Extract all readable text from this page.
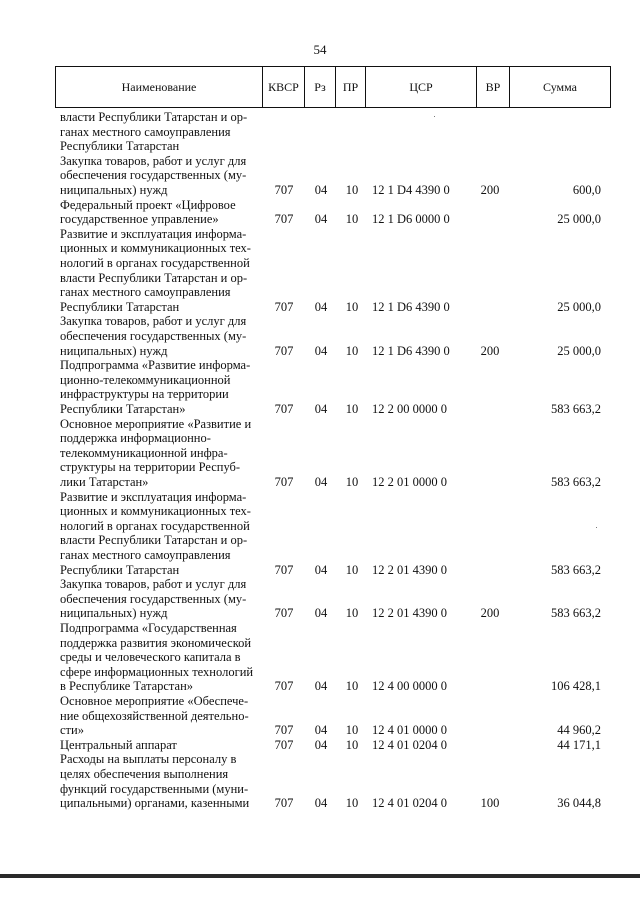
54
Наименование	КВСР	Рз	ПР	ЦСР	ВР	Сумма
власти Республики Татарстан и ор-
ганах местного самоуправления
Республики Татарстан
Закупка товаров, работ и услуг для
обеспечения государственных (му-
ниципальных) нужд	707	04	10	12 1 D4 4390 0	200	600,0
Федеральный проект «Цифровое
государственное управление»	707	04	10	12 1 D6 0000 0	25 000,0
Развитие и эксплуатация информа-
ционных и коммуникационных тех-
нологий в органах государственной
власти Республики Татарстан и ор-
ганах местного самоуправления
Республики Татарстан	707	04	10	12 1 D6 4390 0	25 000,0
Закупка товаров, работ и услуг для
обеспечения государственных (му-
ниципальных) нужд	707	04	10	12 1 D6 4390 0	200	25 000,0
Подпрограмма «Развитие информа-
ционно-телекоммуникационной
инфраструктуры на территории
Республики Татарстан»	707	04	10	12 2 00 0000 0	583 663,2
Основное мероприятие «Развитие и
поддержка информационно-
телекоммуникационной инфра-
структуры на территории Респуб-
лики Татарстан»	707	04	10	12 2 01 0000 0	583 663,2
Развитие и эксплуатация информа-
ционных и коммуникационных тех-
нологий в органах государственной
власти Республики Татарстан и ор-
ганах местного самоуправления
Республики Татарстан	707	04	10	12 2 01 4390 0	583 663,2
Закупка товаров, работ и услуг для
обеспечения государственных (му-
ниципальных) нужд	707	04	10	12 2 01 4390 0	200	583 663,2
Подпрограмма «Государственная
поддержка развития экономической
среды и человеческого капитала в
сфере информационных технологий
в Республике Татарстан»	707	04	10	12 4 00 0000 0	106 428,1
Основное мероприятие «Обеспече-
ние общехозяйственной деятельно-
сти»	707	04	10	12 4 01 0000 0	44 960,2
Центральный аппарат	707	04	10	12 4 01 0204 0	44 171,1
Расходы на выплаты персоналу в
целях обеспечения выполнения
функций государственными (муни-
ципальными) органами, казенными	707	04	10	12 4 01 0204 0	100	36 044,8
